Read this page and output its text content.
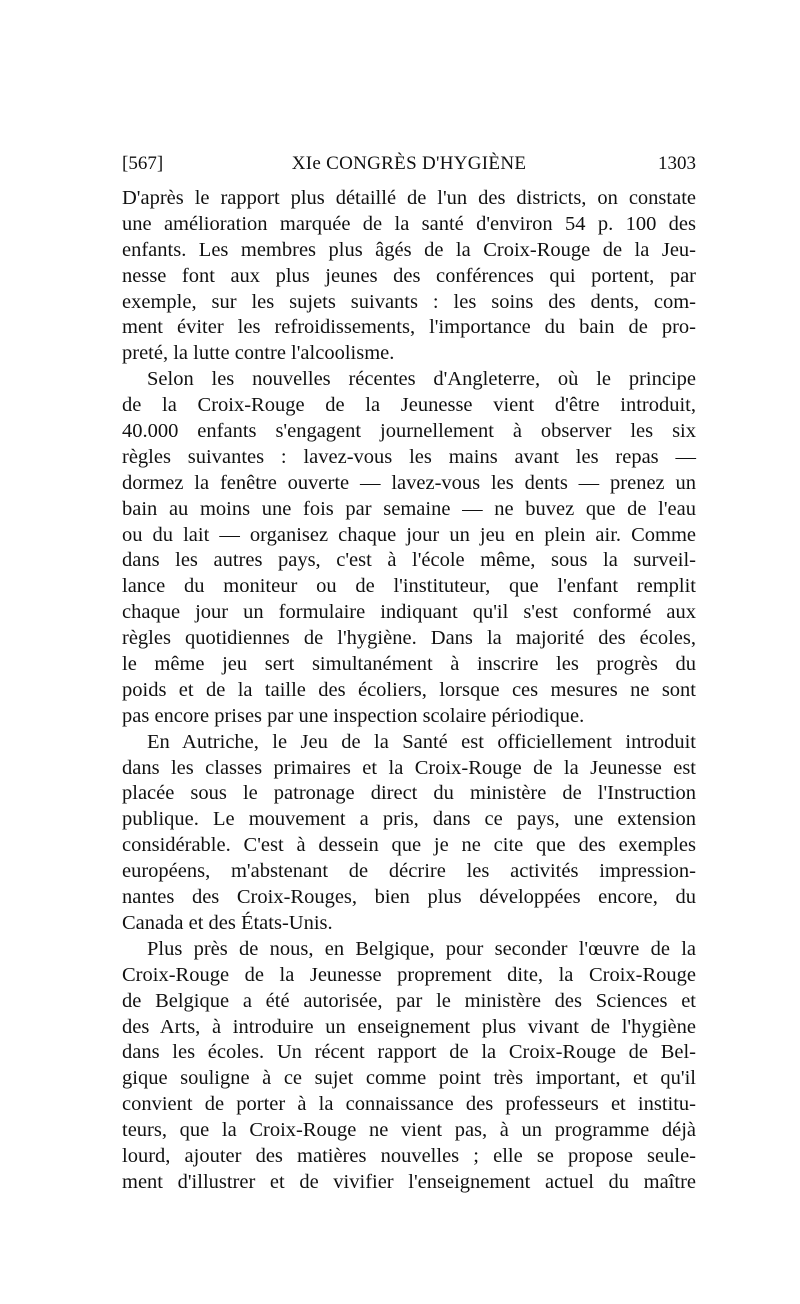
[567]	XIe CONGRÈS D'HYGIÈNE	1303
D'après le rapport plus détaillé de l'un des districts, on constate
une amélioration marquée de la santé d'environ 54 p. 100 des
enfants. Les membres plus âgés de la Croix-Rouge de la Jeu-
nesse font aux plus jeunes des conférences qui portent, par
exemple, sur les sujets suivants : les soins des dents, com-
ment éviter les refroidissements, l'importance du bain de pro-
preté, la lutte contre l'alcoolisme.
Selon les nouvelles récentes d'Angleterre, où le principe
de la Croix-Rouge de la Jeunesse vient d'être introduit,
40.000 enfants s'engagent journellement à observer les six
règles suivantes : lavez-vous les mains avant les repas —
dormez la fenêtre ouverte — lavez-vous les dents — prenez un
bain au moins une fois par semaine — ne buvez que de l'eau
ou du lait — organisez chaque jour un jeu en plein air. Comme
dans les autres pays, c'est à l'école même, sous la surveil-
lance du moniteur ou de l'instituteur, que l'enfant remplit
chaque jour un formulaire indiquant qu'il s'est conformé aux
règles quotidiennes de l'hygiène. Dans la majorité des écoles,
le même jeu sert simultanément à inscrire les progrès du
poids et de la taille des écoliers, lorsque ces mesures ne sont
pas encore prises par une inspection scolaire périodique.
En Autriche, le Jeu de la Santé est officiellement introduit
dans les classes primaires et la Croix-Rouge de la Jeunesse est
placée sous le patronage direct du ministère de l'Instruction
publique. Le mouvement a pris, dans ce pays, une extension
considérable. C'est à dessein que je ne cite que des exemples
européens, m'abstenant de décrire les activités impression-
nantes des Croix-Rouges, bien plus développées encore, du
Canada et des États-Unis.
Plus près de nous, en Belgique, pour seconder l'œuvre de la
Croix-Rouge de la Jeunesse proprement dite, la Croix-Rouge
de Belgique a été autorisée, par le ministère des Sciences et
des Arts, à introduire un enseignement plus vivant de l'hygiène
dans les écoles. Un récent rapport de la Croix-Rouge de Bel-
gique souligne à ce sujet comme point très important, et qu'il
convient de porter à la connaissance des professeurs et institu-
teurs, que la Croix-Rouge ne vient pas, à un programme déjà
lourd, ajouter des matières nouvelles ; elle se propose seule-
ment d'illustrer et de vivifier l'enseignement actuel du maître
